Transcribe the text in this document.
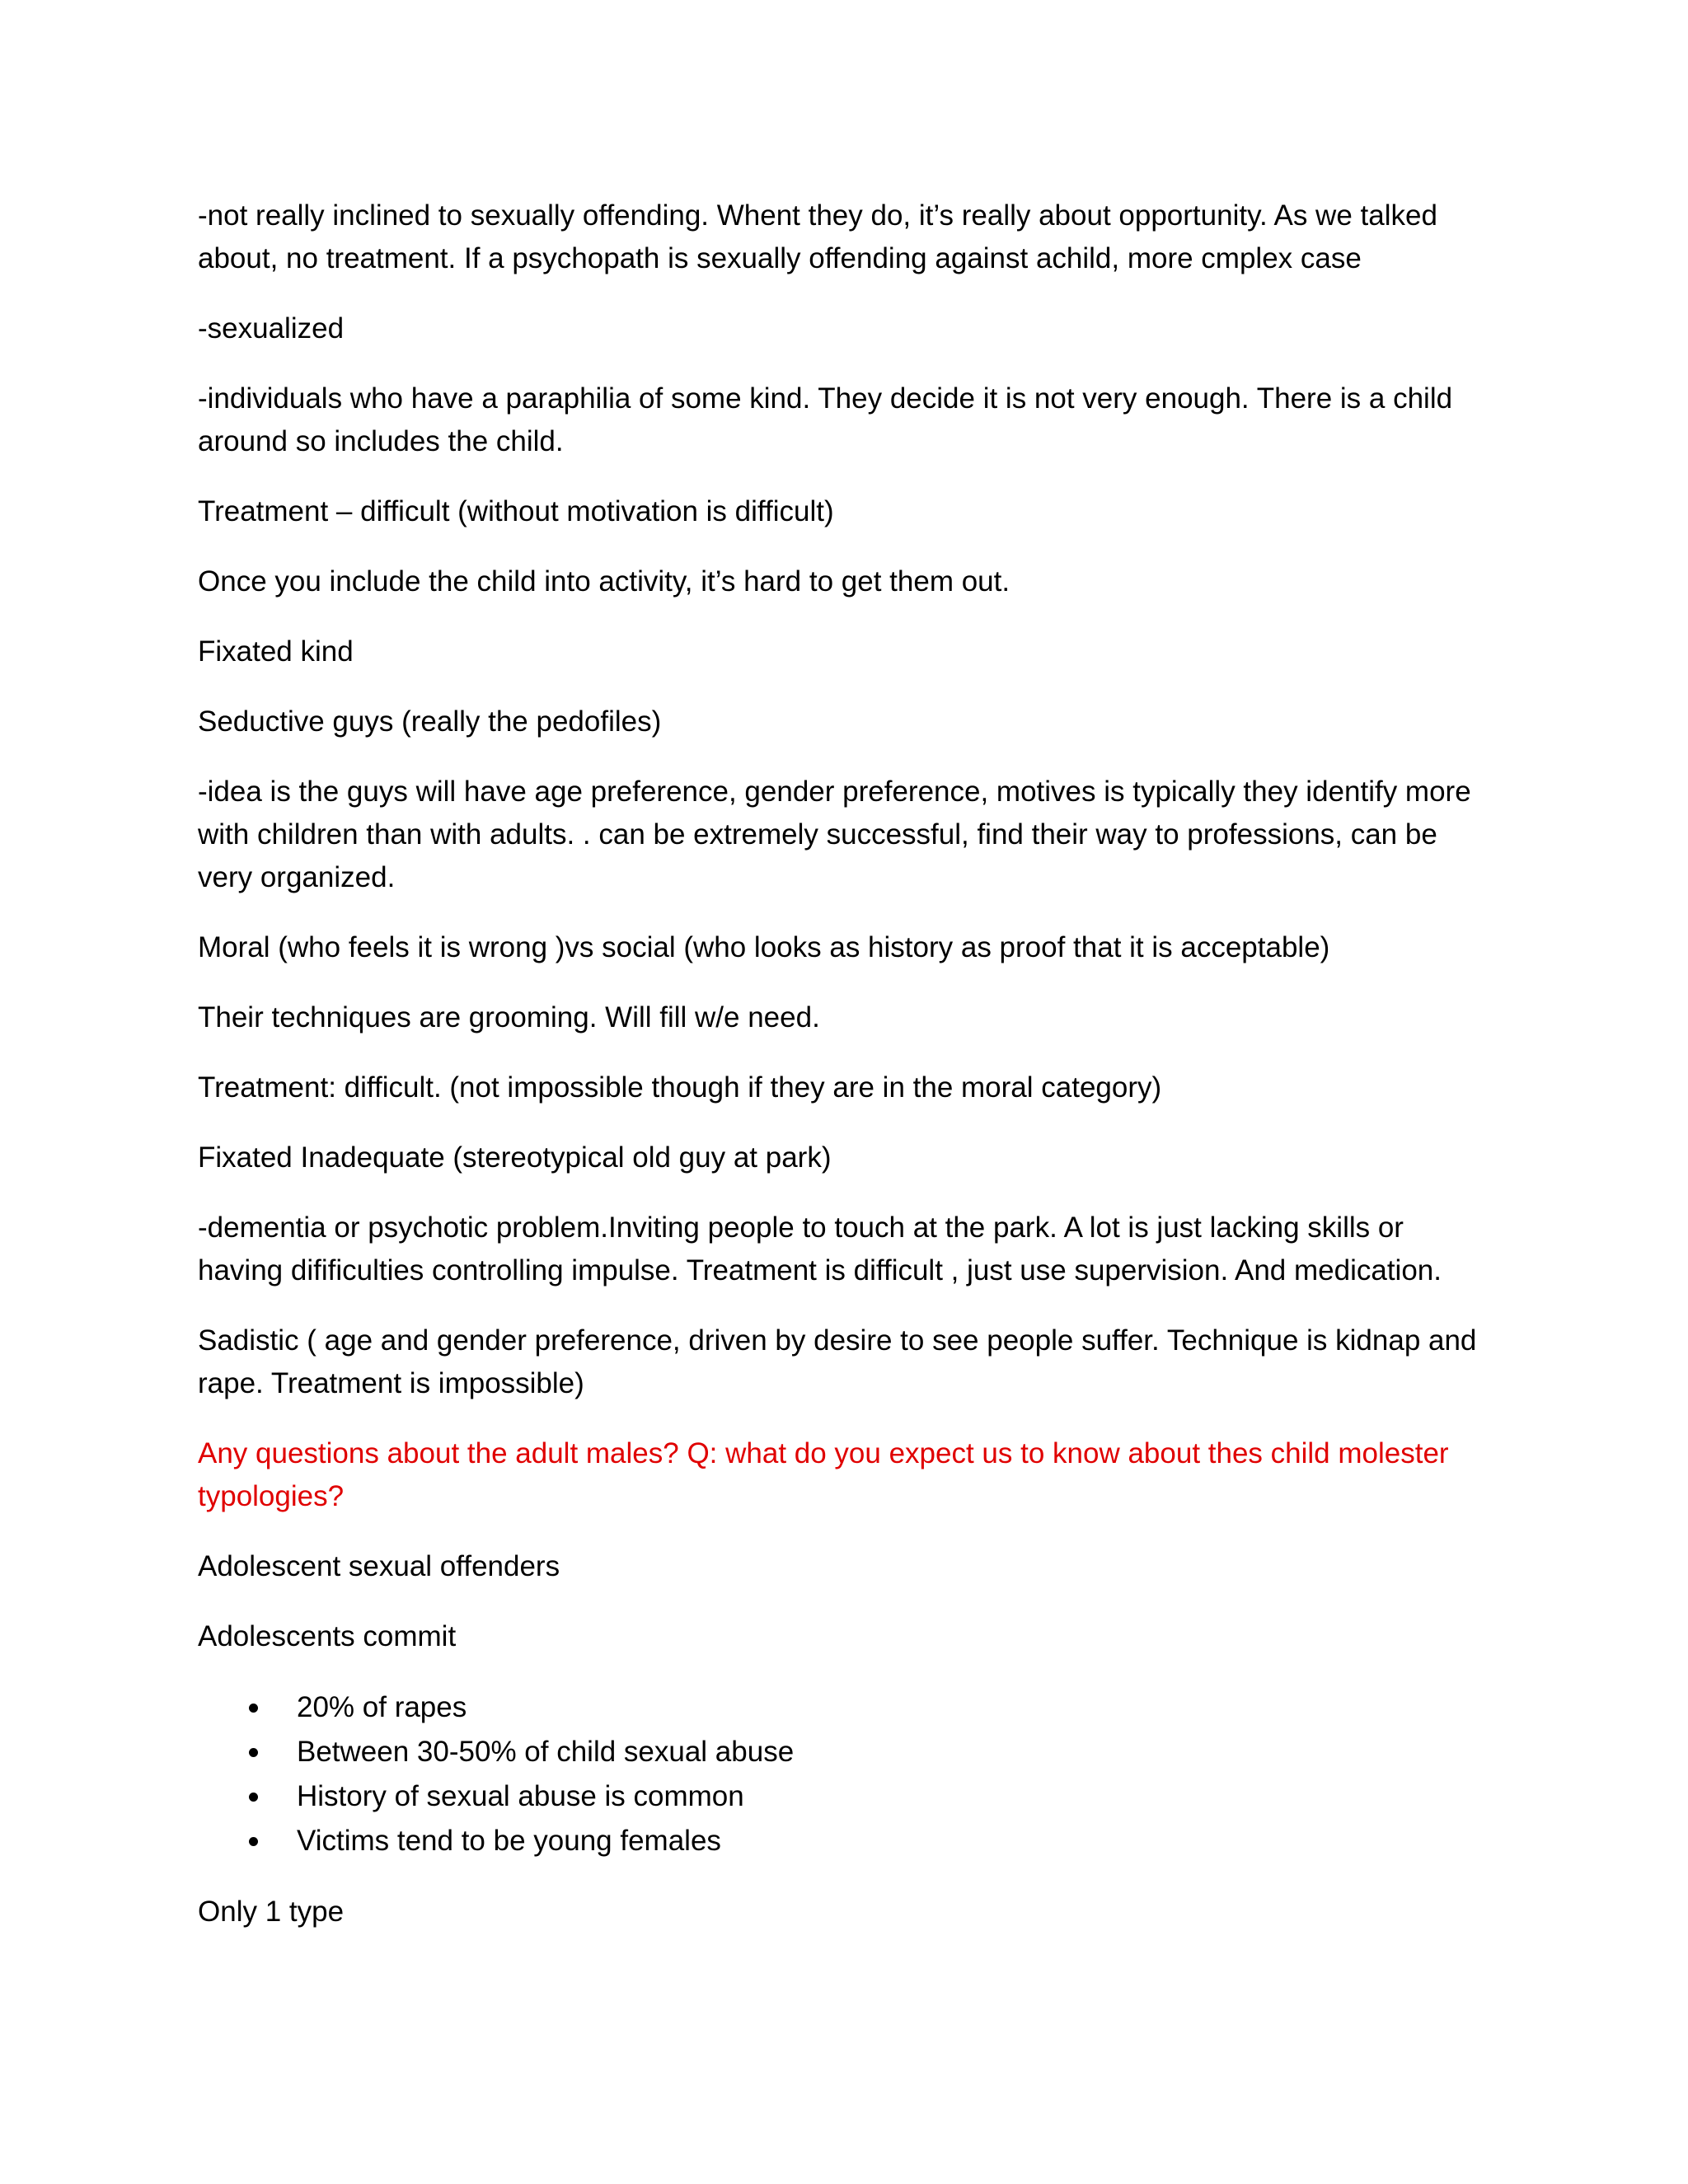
-not really inclined to sexually offending. Whent they do, it’s really about opportunity. As we talked about, no treatment. If a psychopath is sexually offending against achild, more cmplex case

-sexualized

-individuals who have a paraphilia of some kind. They decide it is not very enough. There is a child around so includes the child.

Treatment – difficult (without motivation is difficult)

Once you include the child into activity, it’s hard to get them out.

Fixated kind

Seductive guys (really the pedofiles)

-idea is the guys will have age preference, gender preference, motives is typically they identify more with children than with adults. . can be extremely successful, find their way to professions, can be very organized.

Moral (who feels it is wrong )vs social (who looks as history as proof that it is acceptable)

Their techniques are grooming. Will fill w/e need.

Treatment: difficult. (not impossible though if they are in the moral category)

Fixated Inadequate (stereotypical old guy at park)

-dementia or psychotic problem.Inviting people to touch at the park. A lot is just lacking skills or having difificulties controlling impulse. Treatment is difficult , just use supervision. And medication.

Sadistic ( age and gender preference, driven by desire to see people suffer. Technique is kidnap and rape. Treatment is impossible)

Any questions about the adult males? Q: what do you expect us to know about thes child molester typologies?

Adolescent sexual offenders

Adolescents commit

20% of rapes
Between 30-50% of child sexual abuse
History of sexual abuse is common
Victims tend to be young females

Only 1 type
